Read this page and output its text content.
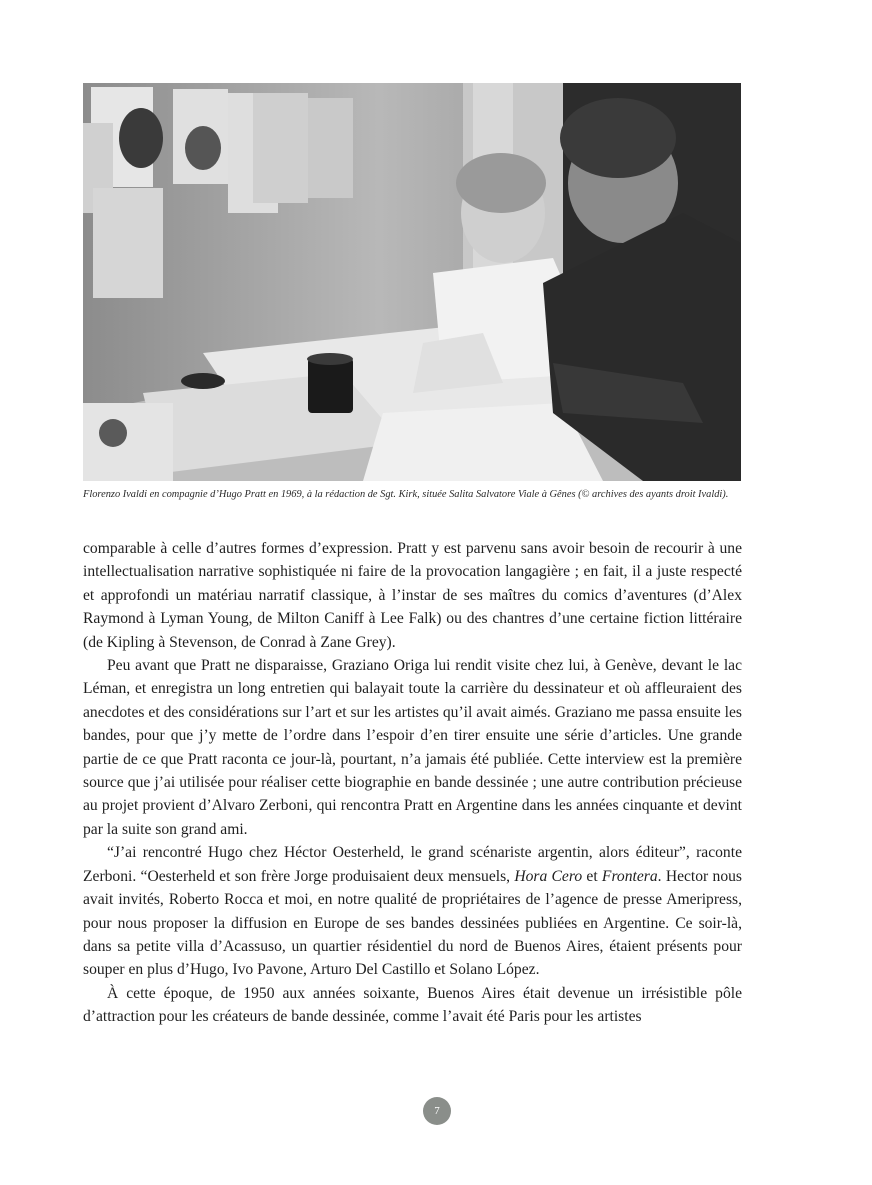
Florenzo Ivaldi en compagnie d’Hugo Pratt en 1969, à la rédaction de Sgt. Kirk, située Salita Salvatore Viale à Gênes (© archives des ayants droit Ivaldi).

comparable à celle d’autres formes d’expression. Pratt y est parvenu sans avoir besoin de recourir à une intellectualisation narrative sophistiquée ni faire de la provocation langagière ; en fait, il a juste respecté et approfondi un matériau narratif classique, à l’instar de ses maîtres du comics d’aventures (d’Alex Raymond à Lyman Young, de Milton Caniff à Lee Falk) ou des chantres d’une certaine fiction littéraire (de Kipling à Stevenson, de Conrad à Zane Grey).

Peu avant que Pratt ne disparaisse, Graziano Origa lui rendit visite chez lui, à Genève, devant le lac Léman, et enregistra un long entretien qui balayait toute la carrière du dessinateur et où affleuraient des anecdotes et des considérations sur l’art et sur les artistes qu’il avait aimés. Graziano me passa ensuite les bandes, pour que j’y mette de l’ordre dans l’espoir d’en tirer ensuite une série d’articles. Une grande partie de ce que Pratt raconta ce jour-là, pourtant, n’a jamais été publiée. Cette interview est la première source que j’ai utilisée pour réaliser cette biographie en bande dessinée ; une autre contribution précieuse au projet provient d’Alvaro Zerboni, qui rencontra Pratt en Argentine dans les années cinquante et devint par la suite son grand ami.

“J’ai rencontré Hugo chez Héctor Oesterheld, le grand scénariste argentin, alors éditeur”, raconte Zerboni. “Oesterheld et son frère Jorge produisaient deux mensuels, Hora Cero et Frontera. Hector nous avait invités, Roberto Rocca et moi, en notre qualité de propriétaires de l’agence de presse Ameripress, pour nous proposer la diffusion en Europe de ses bandes dessinées publiées en Argentine. Ce soir-là, dans sa petite villa d’Acassuso, un quartier résidentiel du nord de Buenos Aires, étaient présents pour souper en plus d’Hugo, Ivo Pavone, Arturo Del Castillo et Solano López.

À cette époque, de 1950 aux années soixante, Buenos Aires était devenue un irrésistible pôle d’attraction pour les créateurs de bande dessinée, comme l’avait été Paris pour les artistes

7
